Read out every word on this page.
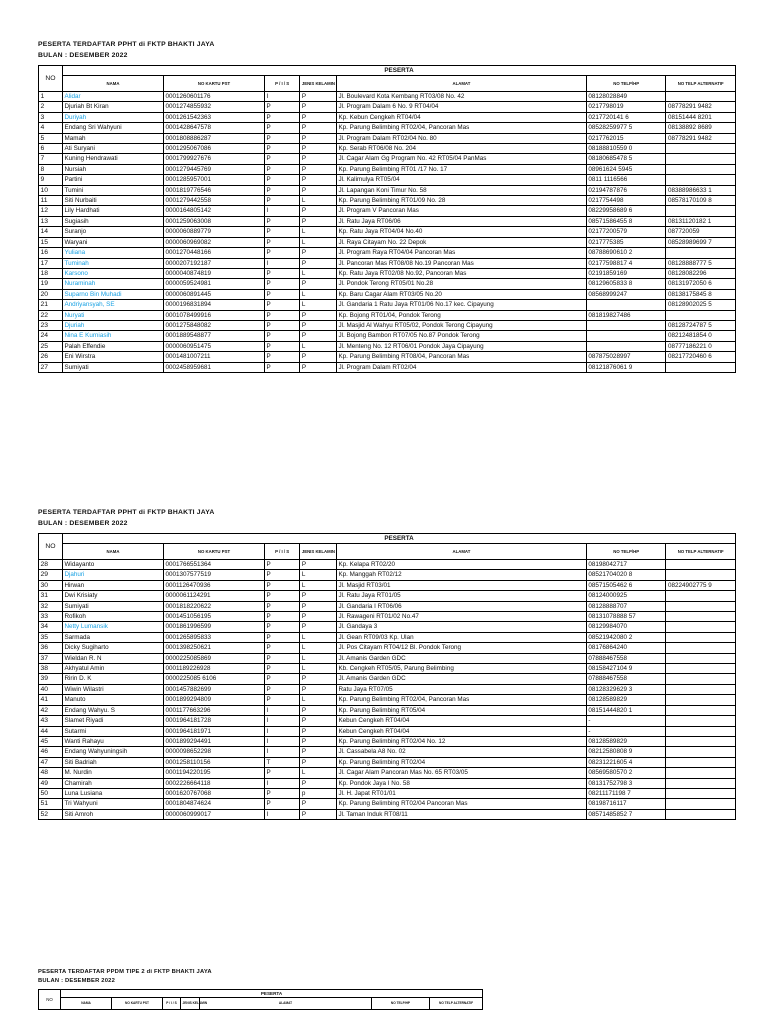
PESERTA TERDAFTAR PPHT di FKTP BHAKTI JAYA
BULAN : DESEMBER 2022
NO	PESERTA						
	NAMA	NO KARTU PST	P / I / S	JENIS KELAMIN	ALAMAT	NO TELP/HP	NO TELP ALTERNATIF
1	Alidar	0001260601176	I	P	Jl. Boulevard Kota Kembang RT03/08 No. 42	08128028849	
2	Djuriah Bt Kiran	0001274855932	P	P	Jl. Program Dalam 6 No. 9 RT04/04	0217798019	08778291 9482
3	Duriyah	0001261542363	P	P	Kp. Kebun Cengkeh RT04/04	0217720141 6	08151444 8201
4	Endang Sri Wahyuni	0001428647578	P	P	Kp. Parung Belimbing RT02/04, Pancoran Mas	08528259977 5	08138892 8689
5	Mamah	0001808886287	P	P	Jl. Program Dalam RT02/04 No. 80	0217762015	08778291 9482
6	Ati Suryani	0001295067086	P	P	Kp. Serab RT06/08 No. 204	08188810559 0	
7	Kuning Hendrawati	0001799927676	P	P	Jl. Cagar Alam Gg Program No. 42 RT05/04 PanMas	08180685478 5	
8	Nursiah	0001279445769	P	P	Kp. Parung Belimbing RT01 /17 No. 17	08961624 5945	
9	Partini	0001285957001	P	P	Jl. Kalimulya RT05/04	0811 1116566	
10	Tumini	0001819776546	P	P	Jl. Lapangan Koni Timur No. 58	02194787876	08388986633 1
11	Siti Nurbaiti	0001279442558	P	L	Kp. Parung Belimbing RT01/09 No. 28	0217754498	08578170109 8
12	Lily Hardhati	0000164805142	I	P	Jl. Program V Pancoran Mas	08229958689 6	
13	Sugiasih	0001259063008	P	P	Jl. Ratu Jaya RT06/06	08571586455 8	08131120182 1
14	Suranjo	0000060889779	P	L	Kp. Ratu Jaya RT04/04 No.40	02177200579	087720059
15	Waryani	0000060969082	P	L	Jl. Raya Citayam No. 22 Depok	0217775385	08528989699 7
16	Yuliana	0001270448166	P	P	Jl. Program Raya RT04/04 Pancoran Mas	08788690610 2	
17	Tuminah	0000207192187	I	P	Jl. Pancoran Mas RT08/08 No.19 Pancoran Mas	02177598817 4	08128888777 5
18	Karsono	0000040874819	P	L	Kp. Ratu Jaya RT02/08 No.92, Pancoran Mas	02191859169	08128082296
19	Nuraminah	0000059524981	P	P	Jl. Pondok Terong RT05/01 No.28	08129605833 8	08131972050 6
20	Suparno Bin Muhadi	0000060891445	P	L	Kp. Baru Cagar Alam RT03/05 No.20	08568999247	08138175845 8
21	Andriyansyah, SE	0000196831894	P	L	Jl. Gandaria 1 Ratu Jaya RT01/06 No.17 kec. Cipayung		08128902025 5
22	Nuryati	0001078499916	P	P	Kp. Bojong RT01/04, Pondok Terong	081819827486	
23	Djuriah	0001275848082	P	P	Jl. Masjid Al Wahyu RT05/02, Pondok Terong Cipayung		08128724787 5
24	Nina E Kurniasih	0001889548877	P	P	Jl. Bojong Bambon RT07/05 No.87 Pondok Terong		08212481854 0
25	Palah Effendie	0000060951475	P	L	Jl. Menteng No. 12 RT06/01 Pondok Jaya Cipayung		08777186221 0
26	Eni Wirstra	0001481007211	P	P	Kp. Parung Belimbing RT08/04, Pancoran Mas	087875028997	08217720460 6
27	Sumiyati	0002458959681	P	P	Jl. Program Dalam RT02/04	08121876061 9	
PESERTA TERDAFTAR PPHT di FKTP BHAKTI JAYA
BULAN : DESEMBER 2022
NO	PESERTA						
	NAMA	NO KARTU PST	P / I / S	JENIS KELAMIN	ALAMAT	NO TELP/HP	NO TELP ALTERNATIF
28	Widayanto	0001766551364	P	P	Kp. Kelapa RT02/20	08198042717	
29	Djahuri	0001307577519	P	L	Kp. Manggah RT02/12	08521704020 8	
30	Hirwan	0001126470936	P	L	Jl. Masjid RT03/01	08571505462 6	08224902775 9
31	Dwi Krisiaty	0000061124291	P	P	Jl. Ratu Jaya RT01/05	08124000925	
32	Sumiyati	0001818220622	P	P	Jl. Gandaria I RT06/06	08128888707	
33	Rofikoh	0001451056195	P	P	Jl. Rawageni RT01/02 No.47	08131078888 57	
34	Netty Lumansik	0001861996599	P	P	Jl. Gandaya 3	08129984070	
35	Sarmada	0001265895833	P	L	Jl. Gean RT09/03 Kp. Ulan	08521942080 2	
36	Dicky Sugiharto	0001398250621	P	L	Jl. Pos Citayam RT04/12 Bl. Pondok Terong	08176864240	
37	Wieldan R. N	0000225085869	P	L	Jl. Amanis Garden GDC	07888467558	
38	Akhyatul Amin	0001189226928	P	L	Kb. Cengkeh RT05/05, Parung Belimbing	08158427104 9	
39	Ririn D. K	0000225085 6106	P	P	Jl. Amanis Garden GDC	07888467558	
40	Wiwin Wilastri	0001457882699	P	P	Ratu Jaya RT07/05	08128329629 3	
41	Manuto	0001899294809	P	L	Kp. Parung Belimbing RT02/04, Pancoran Mas	08128589829	
42	Endang Wahyu. S	0001177663296	I	P	Kp. Parung Belimbing RT05/04	08151444820 1	
43	Slamet Riyadi	0001964181728	I	P	Kebun Cengkeh RT04/04	-	
44	Sutarmi	0001964181971	I	P	Kebun Cengkeh RT04/04	-	
45	Wanti Rahayu	0001899294491	I	P	Kp. Parung Belimbing RT02/04 No. 12	08128589829	
46	Endang Wahyuningsih	0000098652298	I	P	Jl. Cassabela A8 No. 02	08212580808 9	
47	Siti Badriah	0001258110156	T	P	Kp. Parung Belimbing RT02/04	08231221605 4	
48	M. Nurdin	0001194220195	P	L	Jl. Cagar Alam Pancoran Mas No. 65 RT03/05	08569580570 2	
49	Chamirah	0002226664118	I	P	Kp. Pondok Jaya I No. 58	08131752798 3	
50	Luna Lusiana	0001620767068	P	p	Jl. H. Japat RT01/01	08211171198 7	
51	Tri Wahyuni	0001804874624	P	P	Kp. Parung Belimbing RT02/04 Pancoran Mas	08198716117	
52	Siti Amroh	0000060999017	I	P	Jl. Taman Induk RT08/11	08571485852 7	
PESERTA TERDAFTAR PPDM TIPE 2 di FKTP BHAKTI JAYA
BULAN : DESEMBER 2022
NO	PESERTA						
	NAMA	NO KARTU PST	P / I / S	JENIS KELAMIN	ALAMAT	NO TELP/HP	NO TELP ALTERNATIF
